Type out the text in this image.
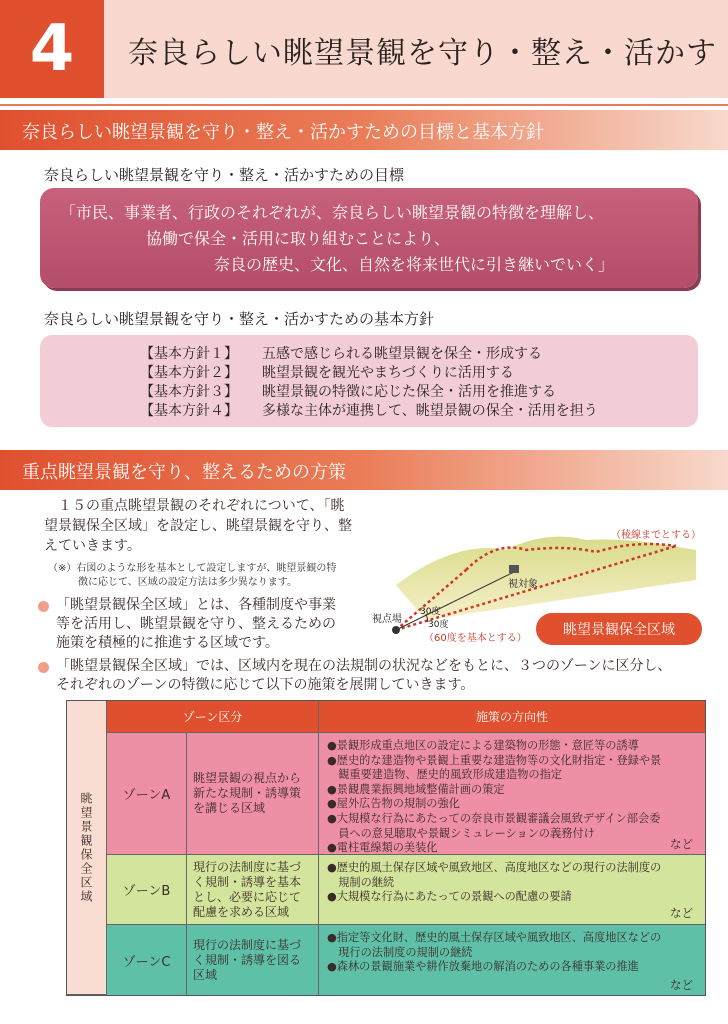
4 奈良らしい眺望景観を守り・整え・活かす
奈良らしい眺望景観を守り・整え・活かすための目標と基本方針
奈良らしい眺望景観を守り・整え・活かすための目標
「市民、事業者、行政のそれぞれが、奈良らしい眺望景観の特徴を理解し、
協働で保全・活用に取り組むことにより、
奈良の歴史、文化、自然を将来世代に引き継いでいく」
奈良らしい眺望景観を守り・整え・活かすための基本方針
【基本方針１】 五感で感じられる眺望景観を保全・形成する
【基本方針２】 眺望景観を観光やまちづくりに活用する
【基本方針３】 眺望景観の特徴に応じた保全・活用を推進する
【基本方針４】 多様な主体が連携して、眺望景観の保全・活用を担う
重点眺望景観を守り、整えるための方策
　１５の重点眺望景観のそれぞれについて、「眺
望景観保全区域」を設定し、眺望景観を守り、整
えていきます。
（※）右図のような形を基本として設定しますが、眺望景観の特
　　　徴に応じて、区域の設定方法は多少異なります。
「眺望景観保全区域」とは、各種制度や事業
等を活用し、眺望景観を守り、整えるための
施策を積極的に推進する区域です。
（稜線までとする）
視対象
視点場
30度
30度
（60度を基本とする）
眺望景観保全区域
「眺望景観保全区域」では、区域内を現在の法規制の状況などをもとに、３つのゾーンに区分し、
それぞれのゾーンの特徴に応じて以下の施策を展開していきます。
眺望景観保全区域
ゾーン区分	施策の方向性
ゾーンA
眺望景観の視点から
新たな規制・誘導策
を講じる区域
●景観形成重点地区の設定による建築物の形態・意匠等の誘導
●歴史的な建造物や景観上重要な建造物等の文化財指定・登録や景
　観重要建造物、歴史的風致形成建造物の指定
●景観農業振興地域整備計画の策定
●屋外広告物の規制の強化
●大規模な行為にあたっての奈良市景観審議会風致デザイン部会委
　員への意見聴取や景観シミュレーションの義務付け
●電柱電線類の美装化	など
ゾーンB
現行の法制度に基づ
く規制・誘導を基本
とし、必要に応じて
配慮を求める区域
●歴史的風土保存区域や風致地区、高度地区などの現行の法制度の
　規制の継続
●大規模な行為にあたっての景観への配慮の要請
など
ゾーンC
現行の法制度に基づ
く規制・誘導を図る
区域
●指定等文化財、歴史的風土保存区域や風致地区、高度地区などの
　現行の法制度の規制の継続
●森林の景観施業や耕作放棄地の解消のための各種事業の推進
など
